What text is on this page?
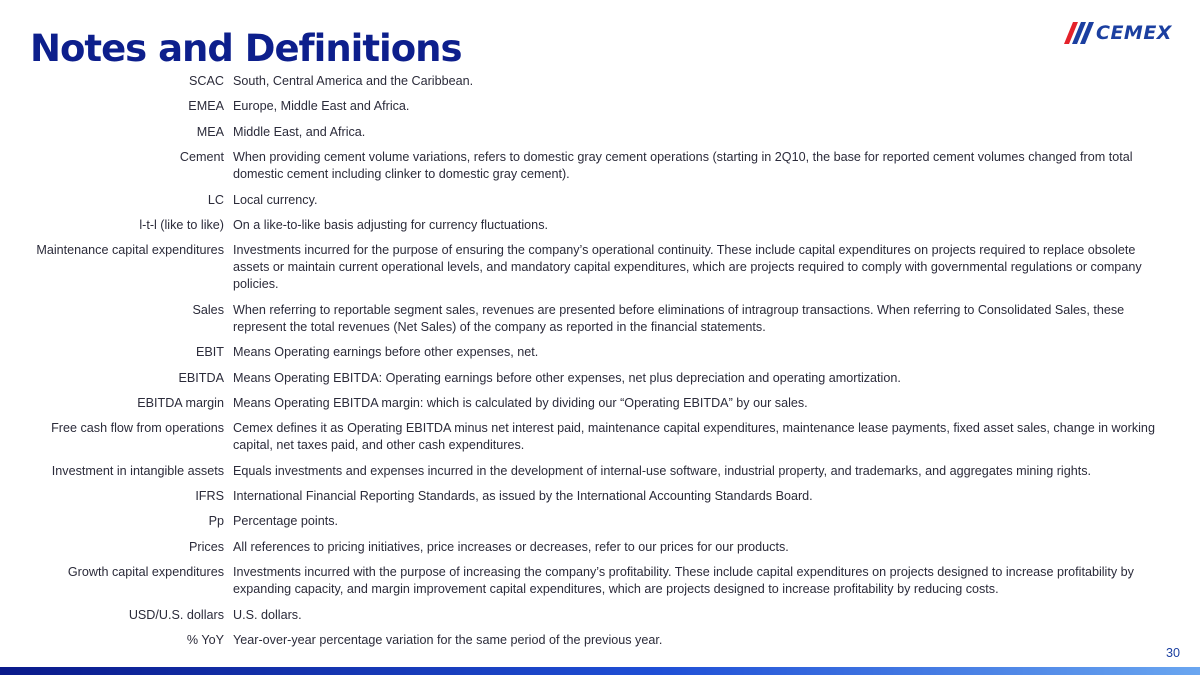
Notes and Definitions	CEMEX
SCAC South, Central America and the Caribbean.
EMEA Europe, Middle East and Africa.
MEA Middle East, and Africa.
Cement When providing cement volume variations, refers to domestic gray cement operations (starting in 2Q10, the base for reported cement volumes changed from total domestic cement including clinker to domestic gray cement).
LC Local currency.
l-t-l (like to like) On a like-to-like basis adjusting for currency fluctuations.
Maintenance capital expenditures Investments incurred for the purpose of ensuring the company’s operational continuity. These include capital expenditures on projects required to replace obsolete assets or maintain current operational levels, and mandatory capital expenditures, which are projects required to comply with governmental regulations or company policies.
Sales When referring to reportable segment sales, revenues are presented before eliminations of intragroup transactions. When referring to Consolidated Sales, these represent the total revenues (Net Sales) of the company as reported in the financial statements.
EBIT Means Operating earnings before other expenses, net.
EBITDA Means Operating EBITDA: Operating earnings before other expenses, net plus depreciation and operating amortization.
EBITDA margin Means Operating EBITDA margin: which is calculated by dividing our “Operating EBITDA” by our sales.
Free cash flow from operations Cemex defines it as Operating EBITDA minus net interest paid, maintenance capital expenditures, maintenance lease payments, fixed asset sales, change in working capital, net taxes paid, and other cash expenditures.
Investment in intangible assets Equals investments and expenses incurred in the development of internal-use software, industrial property, and trademarks, and aggregates mining rights.
IFRS International Financial Reporting Standards, as issued by the International Accounting Standards Board.
Pp Percentage points.
Prices All references to pricing initiatives, price increases or decreases, refer to our prices for our products.
Growth capital expenditures Investments incurred with the purpose of increasing the company’s profitability. These include capital expenditures on projects designed to increase profitability by expanding capacity, and margin improvement capital expenditures, which are projects designed to increase profitability by reducing costs.
USD/U.S. dollars U.S. dollars.
% YoY Year-over-year percentage variation for the same period of the previous year.
30
